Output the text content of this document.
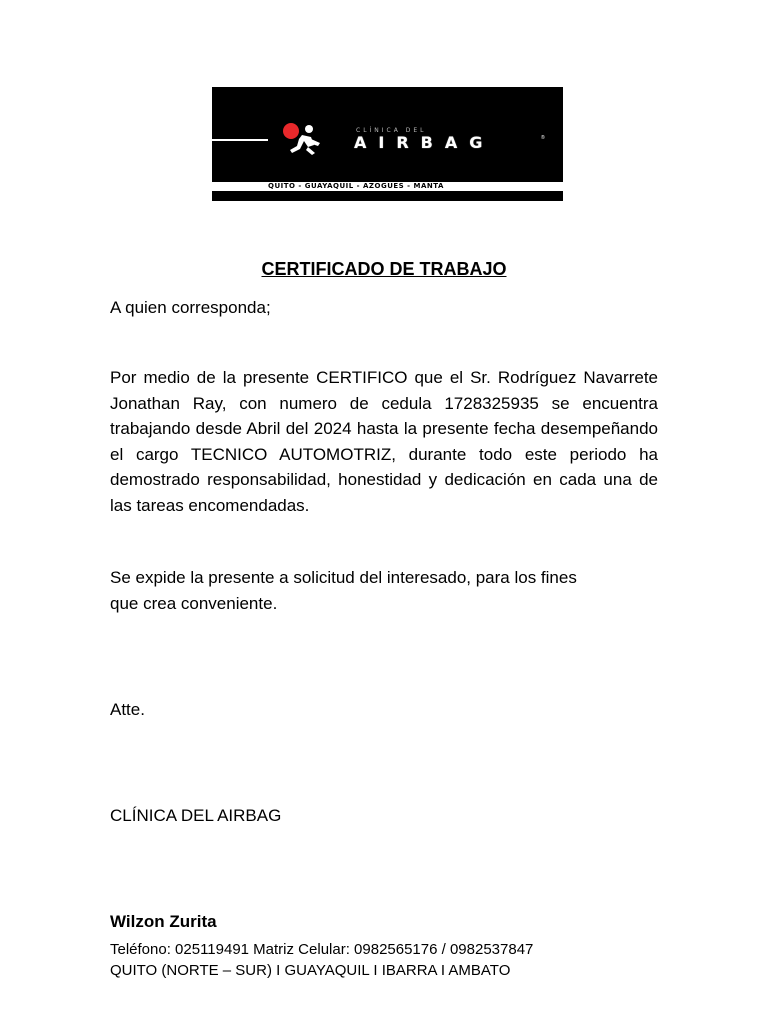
CLÍNICA DEL
AIRBAG	®
QUITO - GUAYAQUIL - AZOGUES - MANTA
CERTIFICADO DE TRABAJO
A quien corresponda;
Por medio de la presente CERTIFICO que el Sr. Rodríguez Navarrete Jonathan Ray, con numero de cedula 1728325935 se encuentra trabajando desde Abril del 2024 hasta la presente fecha desempeñando el cargo TECNICO AUTOMOTRIZ, durante todo este periodo ha demostrado responsabilidad, honestidad y dedicación en cada una de las tareas encomendadas.
Se expide la presente a solicitud del interesado, para los fines
que crea conveniente.
Atte.
CLÍNICA DEL AIRBAG
Wilzon Zurita
Teléfono: 025119491 Matriz Celular: 0982565176 / 0982537847
QUITO (NORTE – SUR) I GUAYAQUIL I IBARRA I AMBATO
